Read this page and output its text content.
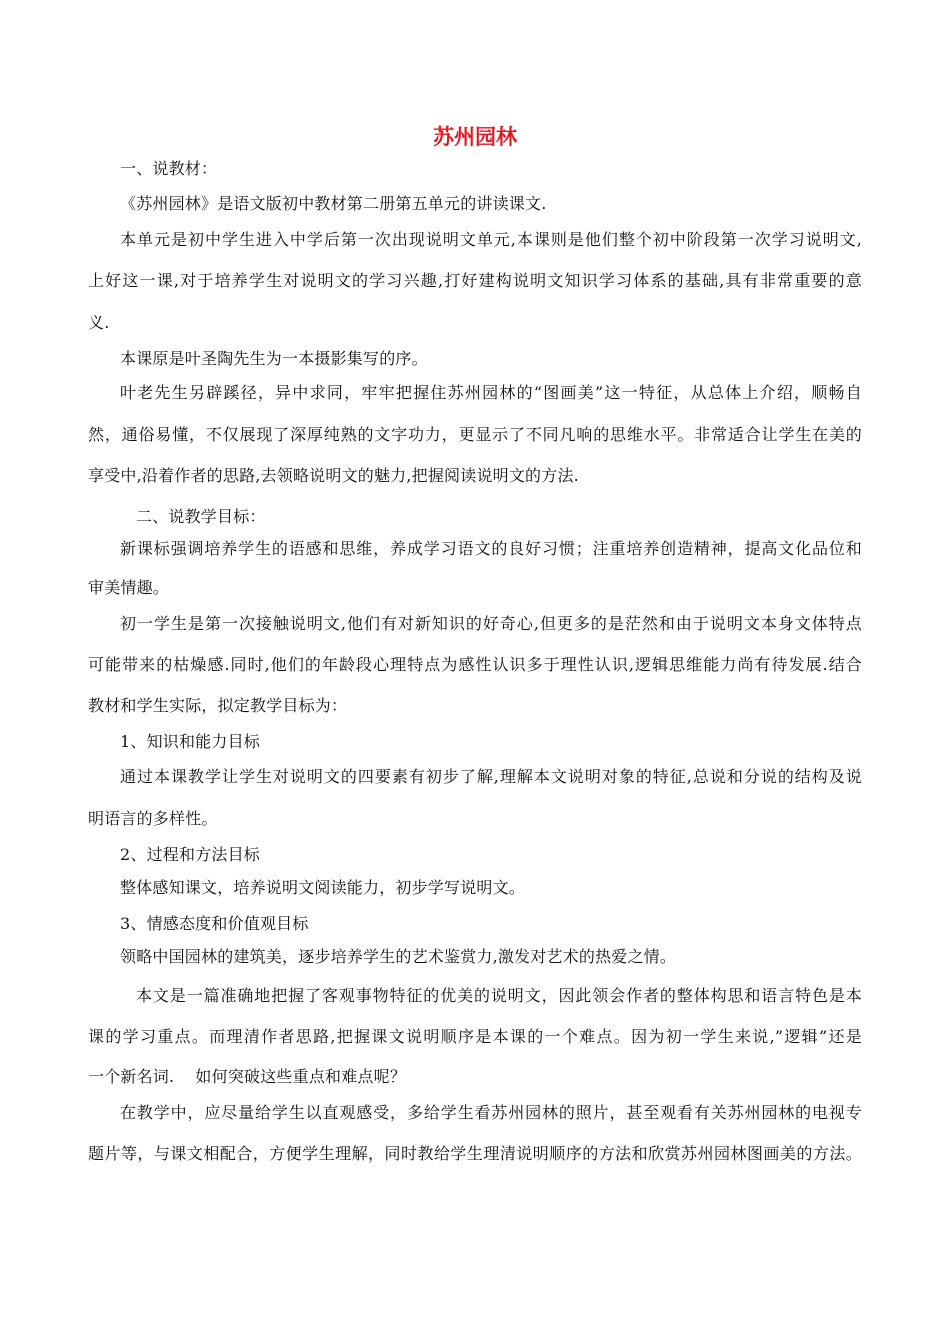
苏州园林
一、说教材：
《苏州园林》是语文版初中教材第二册第五单元的讲读课文.
本单元是初中学生进入中学后第一次出现说明文单元,本课则是他们整个初中阶段第一次学习说明文,
上好这一课,对于培养学生对说明文的学习兴趣,打好建构说明文知识学习体系的基础,具有非常重要的意
义.
本课原是叶圣陶先生为一本摄影集写的序。
叶老先生另辟蹊径，异中求同，牢牢把握住苏州园林的“图画美”这一特征，从总体上介绍，顺畅自
然，通俗易懂，不仅展现了深厚纯熟的文字功力，更显示了不同凡响的思维水平。非常适合让学生在美的
享受中,沿着作者的思路,去领略说明文的魅力,把握阅读说明文的方法.
二、说教学目标：
新课标强调培养学生的语感和思维，养成学习语文的良好习惯；注重培养创造精神，提高文化品位和
审美情趣。
初一学生是第一次接触说明文,他们有对新知识的好奇心,但更多的是茫然和由于说明文本身文体特点
可能带来的枯燥感.同时,他们的年龄段心理特点为感性认识多于理性认识,逻辑思维能力尚有待发展.结合
教材和学生实际，拟定教学目标为：
1、知识和能力目标
通过本课教学让学生对说明文的四要素有初步了解,理解本文说明对象的特征,总说和分说的结构及说
明语言的多样性。
2、过程和方法目标
整体感知课文，培养说明文阅读能力，初步学写说明文。
3、情感态度和价值观目标
领略中国园林的建筑美，逐步培养学生的艺术鉴赏力,激发对艺术的热爱之情。
本文是一篇准确地把握了客观事物特征的优美的说明文，因此领会作者的整体构思和语言特色是本
课的学习重点。而理清作者思路,把握课文说明顺序是本课的一个难点。因为初一学生来说,”逻辑”还是
一个新名词.    如何突破这些重点和难点呢？
在教学中，应尽量给学生以直观感受，多给学生看苏州园林的照片，甚至观看有关苏州园林的电视专
题片等，与课文相配合，方便学生理解，同时教给学生理清说明顺序的方法和欣赏苏州园林图画美的方法。
